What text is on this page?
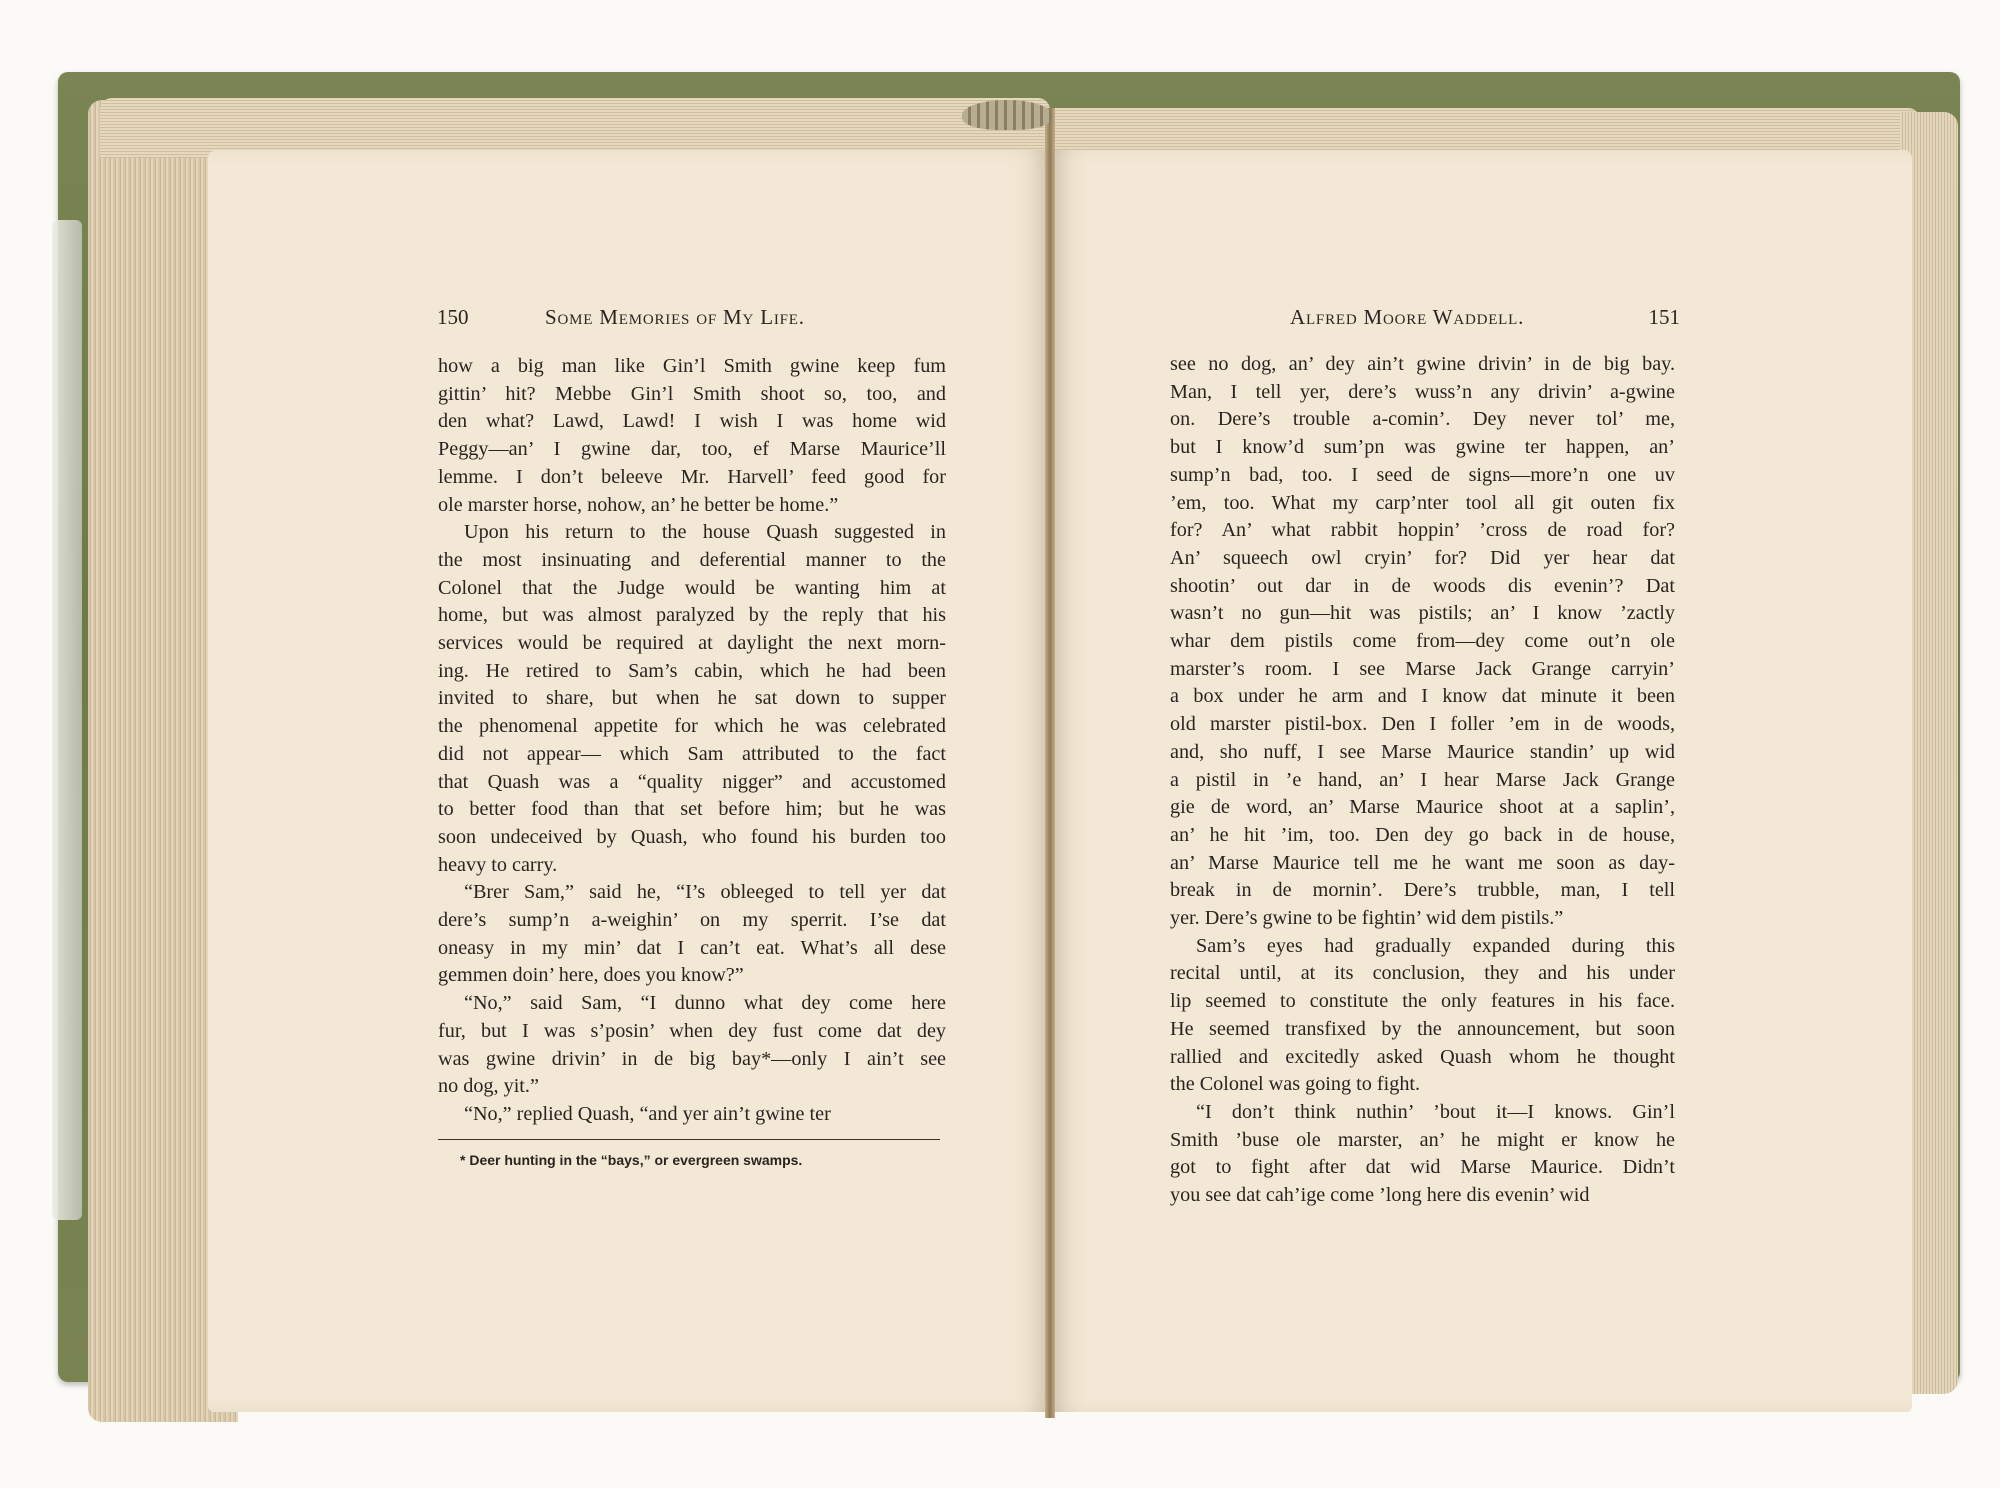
150	Some Memories of My Life.	Alfred Moore Waddell.	151

how a big man like Gin’l Smith gwine keep fum
gittin’ hit? Mebbe Gin’l Smith shoot so, too, and
den what? Lawd, Lawd! I wish I was home wid
Peggy—an’ I gwine dar, too, ef Marse Maurice’ll
lemme. I don’t beleeve Mr. Harvell’ feed good for
ole marster horse, nohow, an’ he better be home.”

Upon his return to the house Quash suggested in
the most insinuating and deferential manner to the
Colonel that the Judge would be wanting him at
home, but was almost paralyzed by the reply that his
services would be required at daylight the next morn-
ing. He retired to Sam’s cabin, which he had been
invited to share, but when he sat down to supper
the phenomenal appetite for which he was celebrated
did not appear— which Sam attributed to the fact
that Quash was a “quality nigger” and accustomed
to better food than that set before him; but he was
soon undeceived by Quash, who found his burden too
heavy to carry.

“Brer Sam,” said he, “I’s obleeged to tell yer dat
dere’s sump’n a-weighin’ on my sperrit. I’se dat
oneasy in my min’ dat I can’t eat. What’s all dese
gemmen doin’ here, does you know?”

“No,” said Sam, “I dunno what dey come here
fur, but I was s’posin’ when dey fust come dat dey
was gwine drivin’ in de big bay*—only I ain’t see
no dog, yit.”

“No,” replied Quash, “and yer ain’t gwine ter

see no dog, an’ dey ain’t gwine drivin’ in de big bay.
Man, I tell yer, dere’s wuss’n any drivin’ a-gwine
on. Dere’s trouble a-comin’. Dey never tol’ me,
but I know’d sum’pn was gwine ter happen, an’
sump’n bad, too. I seed de signs—more’n one uv
’em, too. What my carp’nter tool all git outen fix
for? An’ what rabbit hoppin’ ’cross de road for?
An’ squeech owl cryin’ for? Did yer hear dat
shootin’ out dar in de woods dis evenin’? Dat
wasn’t no gun—hit was pistils; an’ I know ’zactly
whar dem pistils come from—dey come out’n ole
marster’s room. I see Marse Jack Grange carryin’
a box under he arm and I know dat minute it been
old marster pistil-box. Den I foller ’em in de woods,
and, sho nuff, I see Marse Maurice standin’ up wid
a pistil in ’e hand, an’ I hear Marse Jack Grange
gie de word, an’ Marse Maurice shoot at a saplin’,
an’ he hit ’im, too. Den dey go back in de house,
an’ Marse Maurice tell me he want me soon as day-
break in de mornin’. Dere’s trubble, man, I tell
yer. Dere’s gwine to be fightin’ wid dem pistils.”

Sam’s eyes had gradually expanded during this
recital until, at its conclusion, they and his under
lip seemed to constitute the only features in his face.
He seemed transfixed by the announcement, but soon
rallied and excitedly asked Quash whom he thought
the Colonel was going to fight.

“I don’t think nuthin’ ’bout it—I knows. Gin’l
Smith ’buse ole marster, an’ he might er know he
got to fight after dat wid Marse Maurice. Didn’t
you see dat cah’ige come ’long here dis evenin’ wid

* Deer hunting in the “bays,” or evergreen swamps.
